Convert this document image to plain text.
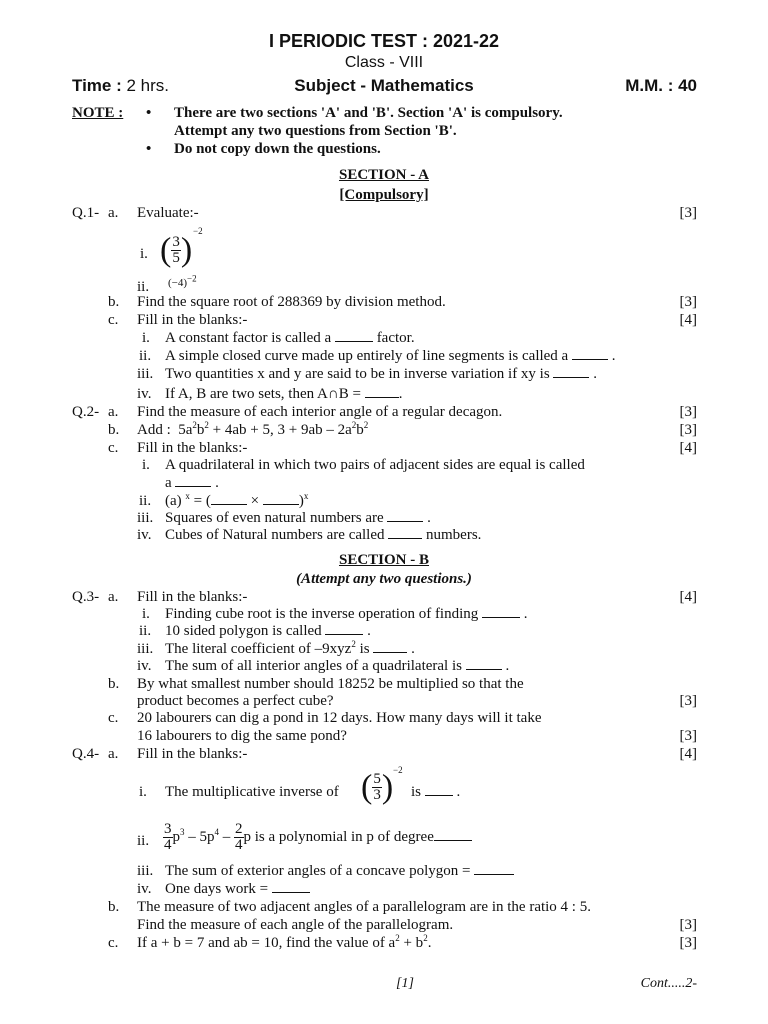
I PERIODIC TEST : 2021-22
Class - VIII
Time : 2 hrs.	Subject - Mathematics	M.M. : 40
NOTE : • There are two sections 'A' and 'B'. Section 'A' is compulsory.
Attempt any two questions from Section 'B'.
• Do not copy down the questions.
SECTION - A
[Compulsory]
Q.1- a. Evaluate:-	[3]
i. ( $\frac{3}{5}$ )
−2
ii. $(-4)^{-2}$
b. Find the square root of 288369 by division method.	[3]
c. Fill in the blanks:-	[4]
i. A constant factor is called a	factor.
ii. A simple closed curve made up entirely of line segments is called a	.
iii. Two quantities x and y are said to be in inverse variation if xy is	.
iv. If A, B are two sets, then A∩B =	.
Q.2- a. Find the measure of each interior angle of a regular decagon.	[3]
b. Add : $5a^2b^2 + 4ab + 5$, $3 + 9ab - 2a^2b^2$	[3]
c. Fill in the blanks:-	[4]
i. A quadrilateral in which two pairs of adjacent sides are equal is called
a	.
ii. (a) $^x$ = ( ×	)$^x$
iii. Squares of even natural numbers are	.
iv. Cubes of Natural numbers are called	numbers.
SECTION - B
(Attempt any two questions.)
Q.3- a. Fill in the blanks:-	[4]
i. Finding cube root is the inverse operation of finding	.
ii. 10 sided polygon is called	.
iii. The literal coefficient of –9xyz$^2$ is	.
iv. The sum of all interior angles of a quadrilateral is	.
b. By what smallest number should 18252 be multiplied so that the
product becomes a perfect cube?	[3]
c. 20 labourers can dig a pond in 12 days. How many days will it take
16 labourers to dig the same pond?	[3]
Q.4- a. Fill in the blanks:-	[4]
i. The multiplicative inverse of ( $\frac{5}{3}$ ) −2
is .
ii. $\frac{3}{4} p^3 - 5p^4 - \frac{2}{4}$ p is a polynomial in p of degree
iii. The sum of exterior angles of a concave polygon =
iv. One days work =
b. The measure of two adjacent angles of a parallelogram are in the ratio 4 : 5.
Find the measure of each angle of the parallelogram.	[3]
c. If a + b = 7 and ab = 10, find the value of $a^2 + b^2$.	[3]
[1]	Cont.....2-
